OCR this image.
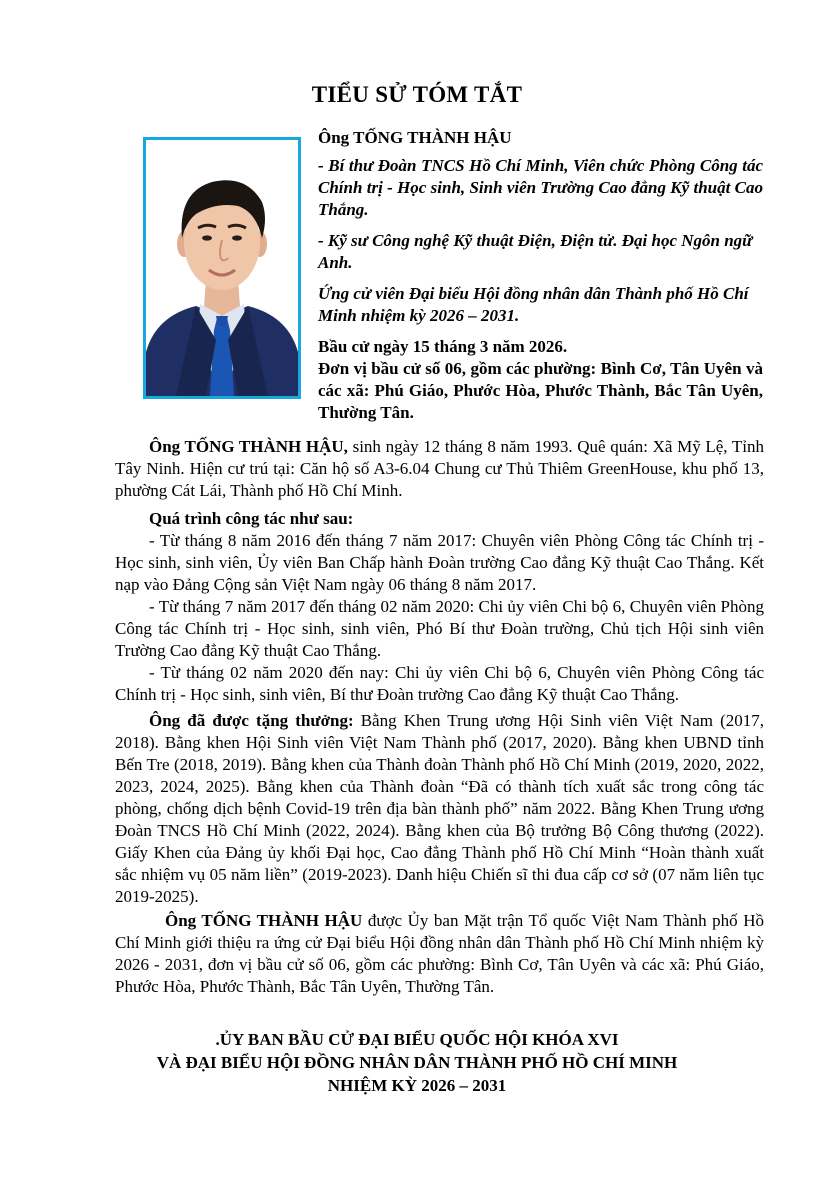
TIỂU SỬ TÓM TẮT

Ông TỐNG THÀNH HẬU

- Bí thư Đoàn TNCS Hồ Chí Minh, Viên chức Phòng Công tác Chính trị - Học sinh, Sinh viên Trường Cao đẳng Kỹ thuật Cao Thắng.

- Kỹ sư Công nghệ Kỹ thuật Điện, Điện tử. Đại học Ngôn ngữ Anh.

Ứng cử viên Đại biểu Hội đồng nhân dân Thành phố Hồ Chí Minh nhiệm kỳ 2026 – 2031.

Bầu cử ngày 15 tháng 3 năm 2026.

Đơn vị bầu cử số 06, gồm các phường: Bình Cơ, Tân Uyên và các xã: Phú Giáo, Phước Hòa, Phước Thành, Bắc Tân Uyên, Thường Tân.

Ông TỐNG THÀNH HẬU, sinh ngày 12 tháng 8 năm 1993. Quê quán: Xã Mỹ Lệ, Tỉnh Tây Ninh. Hiện cư trú tại: Căn hộ số A3-6.04 Chung cư Thủ Thiêm GreenHouse, khu phố 13, phường Cát Lái, Thành phố Hồ Chí Minh.

Quá trình công tác như sau:

- Từ tháng 8 năm 2016 đến tháng 7 năm 2017: Chuyên viên Phòng Công tác Chính trị - Học sinh, sinh viên, Ủy viên Ban Chấp hành Đoàn trường Cao đẳng Kỹ thuật Cao Thắng. Kết nạp vào Đảng Cộng sản Việt Nam ngày 06 tháng 8 năm 2017.

- Từ tháng 7 năm 2017 đến tháng 02 năm 2020: Chi ủy viên Chi bộ 6, Chuyên viên Phòng Công tác Chính trị - Học sinh, sinh viên, Phó Bí thư Đoàn trường, Chủ tịch Hội sinh viên Trường Cao đẳng Kỹ thuật Cao Thắng.

- Từ tháng 02 năm 2020 đến nay: Chi ủy viên Chi bộ 6, Chuyên viên Phòng Công tác Chính trị - Học sinh, sinh viên, Bí thư Đoàn trường Cao đẳng Kỹ thuật Cao Thắng.

Ông đã được tặng thưởng: Bằng Khen Trung ương Hội Sinh viên Việt Nam (2017, 2018). Bằng khen Hội Sinh viên Việt Nam Thành phố (2017, 2020). Bằng khen UBND tỉnh Bến Tre (2018, 2019). Bằng khen của Thành đoàn Thành phố Hồ Chí Minh (2019, 2020, 2022, 2023, 2024, 2025). Bằng khen của Thành đoàn “Đã có thành tích xuất sắc trong công tác phòng, chống dịch bệnh Covid-19 trên địa bàn thành phố” năm 2022. Bằng Khen Trung ương Đoàn TNCS Hồ Chí Minh (2022, 2024). Bằng khen của Bộ trưởng Bộ Công thương (2022). Giấy Khen của Đảng ủy khối Đại học, Cao đẳng Thành phố Hồ Chí Minh “Hoàn thành xuất sắc nhiệm vụ 05 năm liền” (2019-2023). Danh hiệu Chiến sĩ thi đua cấp cơ sở (07 năm liên tục 2019-2025).

Ông TỐNG THÀNH HẬU được Ủy ban Mặt trận Tổ quốc Việt Nam Thành phố Hồ Chí Minh giới thiệu ra ứng cử Đại biểu Hội đồng nhân dân Thành phố Hồ Chí Minh nhiệm kỳ 2026 - 2031, đơn vị bầu cử số 06, gồm các phường: Bình Cơ, Tân Uyên và các xã: Phú Giáo, Phước Hòa, Phước Thành, Bắc Tân Uyên, Thường Tân.

.ỦY BAN BẦU CỬ ĐẠI BIỂU QUỐC HỘI KHÓA XVI

VÀ ĐẠI BIỂU HỘI ĐỒNG NHÂN DÂN THÀNH PHỐ HỒ CHÍ MINH

NHIỆM KỲ 2026 – 2031
